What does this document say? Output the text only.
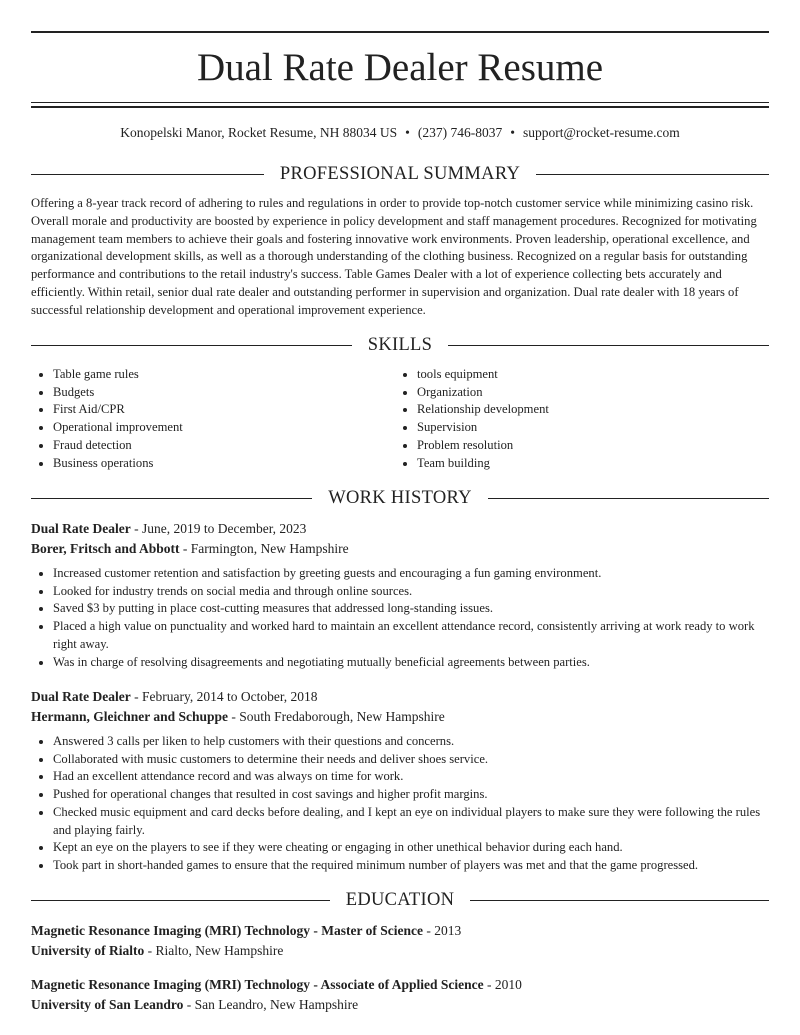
Dual Rate Dealer Resume
Konopelski Manor, Rocket Resume, NH 88034 US • (237) 746-8037 • support@rocket-resume.com
PROFESSIONAL SUMMARY

Offering a 8-year track record of adhering to rules and regulations in order to provide top-notch customer service while minimizing casino risk. Overall morale and productivity are boosted by experience in policy development and staff management procedures. Recognized for motivating management team members to achieve their goals and fostering innovative work environments. Proven leadership, operational excellence, and organizational development skills, as well as a thorough understanding of the clothing business. Recognized on a regular basis for outstanding performance and contributions to the retail industry's success. Table Games Dealer with a lot of experience collecting bets accurately and efficiently. Within retail, senior dual rate dealer and outstanding performer in supervision and organization. Dual rate dealer with 18 years of successful relationship development and operational improvement experience.

SKILLS
• Table game rules
• Budgets
• First Aid/CPR
• Operational improvement
• Fraud detection
• Business operations
• tools equipment
• Organization
• Relationship development
• Supervision
• Problem resolution
• Team building
WORK HISTORY
Dual Rate Dealer - June, 2019 to December, 2023
Borer, Fritsch and Abbott - Farmington, New Hampshire
• Increased customer retention and satisfaction by greeting guests and encouraging a fun gaming environment.
• Looked for industry trends on social media and through online sources.
• Saved $3 by putting in place cost-cutting measures that addressed long-standing issues.
• Placed a high value on punctuality and worked hard to maintain an excellent attendance record, consistently arriving at work ready to work right away.
• Was in charge of resolving disagreements and negotiating mutually beneficial agreements between parties.
Dual Rate Dealer - February, 2014 to October, 2018
Hermann, Gleichner and Schuppe - South Fredaborough, New Hampshire
• Answered 3 calls per liken to help customers with their questions and concerns.
• Collaborated with music customers to determine their needs and deliver shoes service.
• Had an excellent attendance record and was always on time for work.
• Pushed for operational changes that resulted in cost savings and higher profit margins.
• Checked music equipment and card decks before dealing, and I kept an eye on individual players to make sure they were following the rules and playing fairly.
• Kept an eye on the players to see if they were cheating or engaging in other unethical behavior during each hand.
• Took part in short-handed games to ensure that the required minimum number of players was met and that the game progressed.
EDUCATION
Magnetic Resonance Imaging (MRI) Technology - Master of Science - 2013
University of Rialto - Rialto, New Hampshire
Magnetic Resonance Imaging (MRI) Technology - Associate of Applied Science - 2010
University of San Leandro - San Leandro, New Hampshire
